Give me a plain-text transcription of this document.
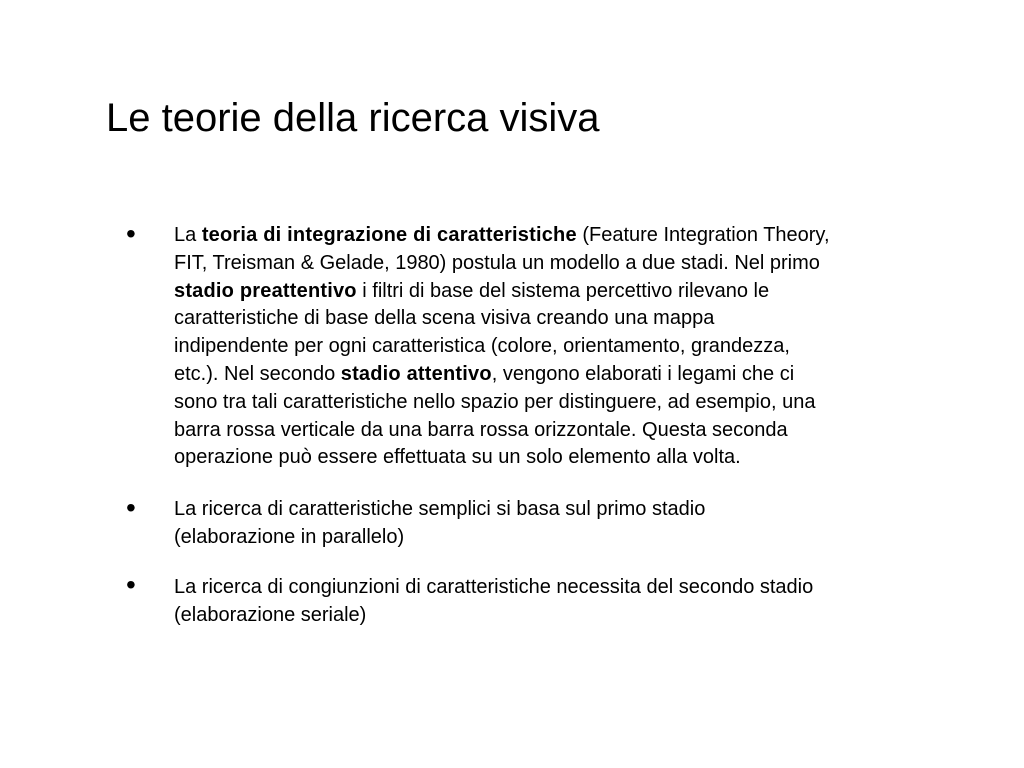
Le teorie della ricerca visiva
• La teoria di integrazione di caratteristiche (Feature Integration Theory,
FIT, Treisman & Gelade, 1980) postula un modello a due stadi. Nel primo
stadio preattentivo i filtri di base del sistema percettivo rilevano le
caratteristiche di base della scena visiva creando una mappa
indipendente per ogni caratteristica (colore, orientamento, grandezza,
etc.). Nel secondo stadio attentivo, vengono elaborati i legami che ci
sono tra tali caratteristiche nello spazio per distinguere, ad esempio, una
barra rossa verticale da una barra rossa orizzontale. Questa seconda
operazione può essere effettuata su un solo elemento alla volta.
• La ricerca di caratteristiche semplici si basa sul primo stadio
(elaborazione in parallelo)
• La ricerca di congiunzioni di caratteristiche necessita del secondo stadio
(elaborazione seriale)
